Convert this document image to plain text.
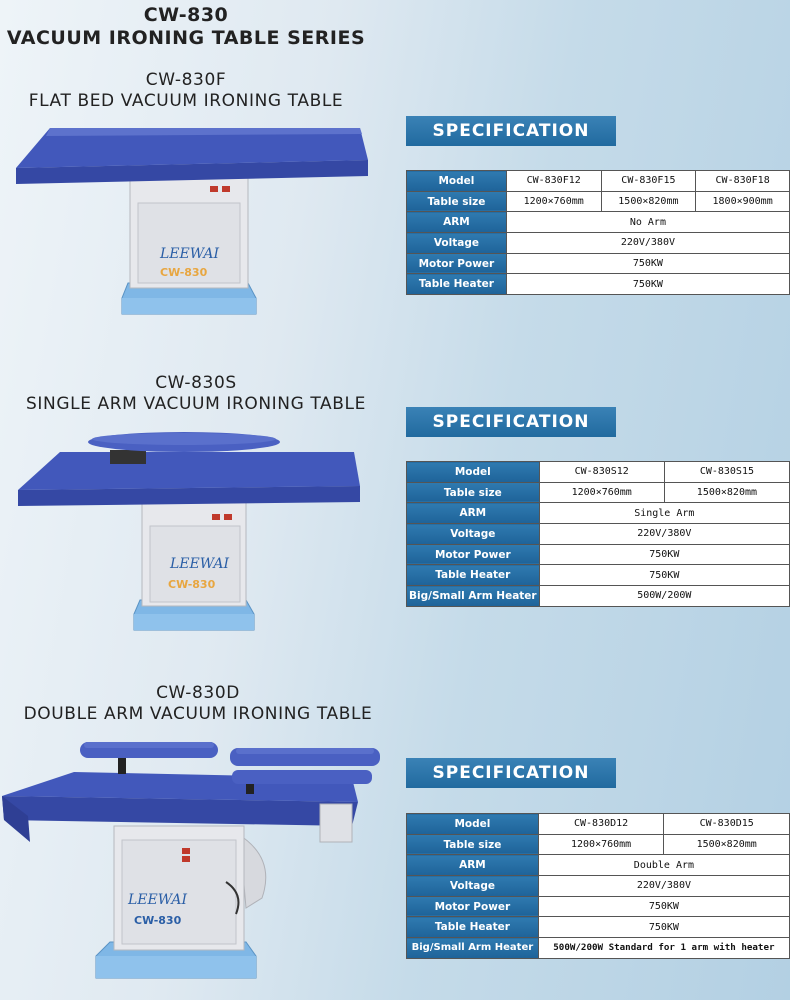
CW-830
VACUUM IRONING TABLE SERIES
CW-830F
FLAT BED VACUUM IRONING TABLE
LEEWAI
CW-830
SPECIFICATION
Model	CW-830F12	CW-830F15	CW-830F18
Table size	1200×760mm	1500×820mm	1800×900mm
ARM	No Arm		
Voltage	220V/380V		
Motor Power	750KW		
Table Heater	750KW		
CW-830S
SINGLE ARM VACUUM IRONING TABLE
LEEWAI
CW-830
SPECIFICATION
Model	CW-830S12	CW-830S15
Table size	1200×760mm	1500×820mm
ARM	Single Arm	
Voltage	220V/380V	
Motor Power	750KW	
Table Heater	750KW	
Big/Small Arm Heater	500W/200W	
CW-830D
DOUBLE ARM VACUUM IRONING TABLE
LEEWAI
CW-830
SPECIFICATION
Model	CW-830D12	CW-830D15
Table size	1200×760mm	1500×820mm
ARM	Double Arm	
Voltage	220V/380V	
Motor Power	750KW	
Table Heater	750KW	
Big/Small Arm Heater	500W/200W Standard for 1 arm with heater	
